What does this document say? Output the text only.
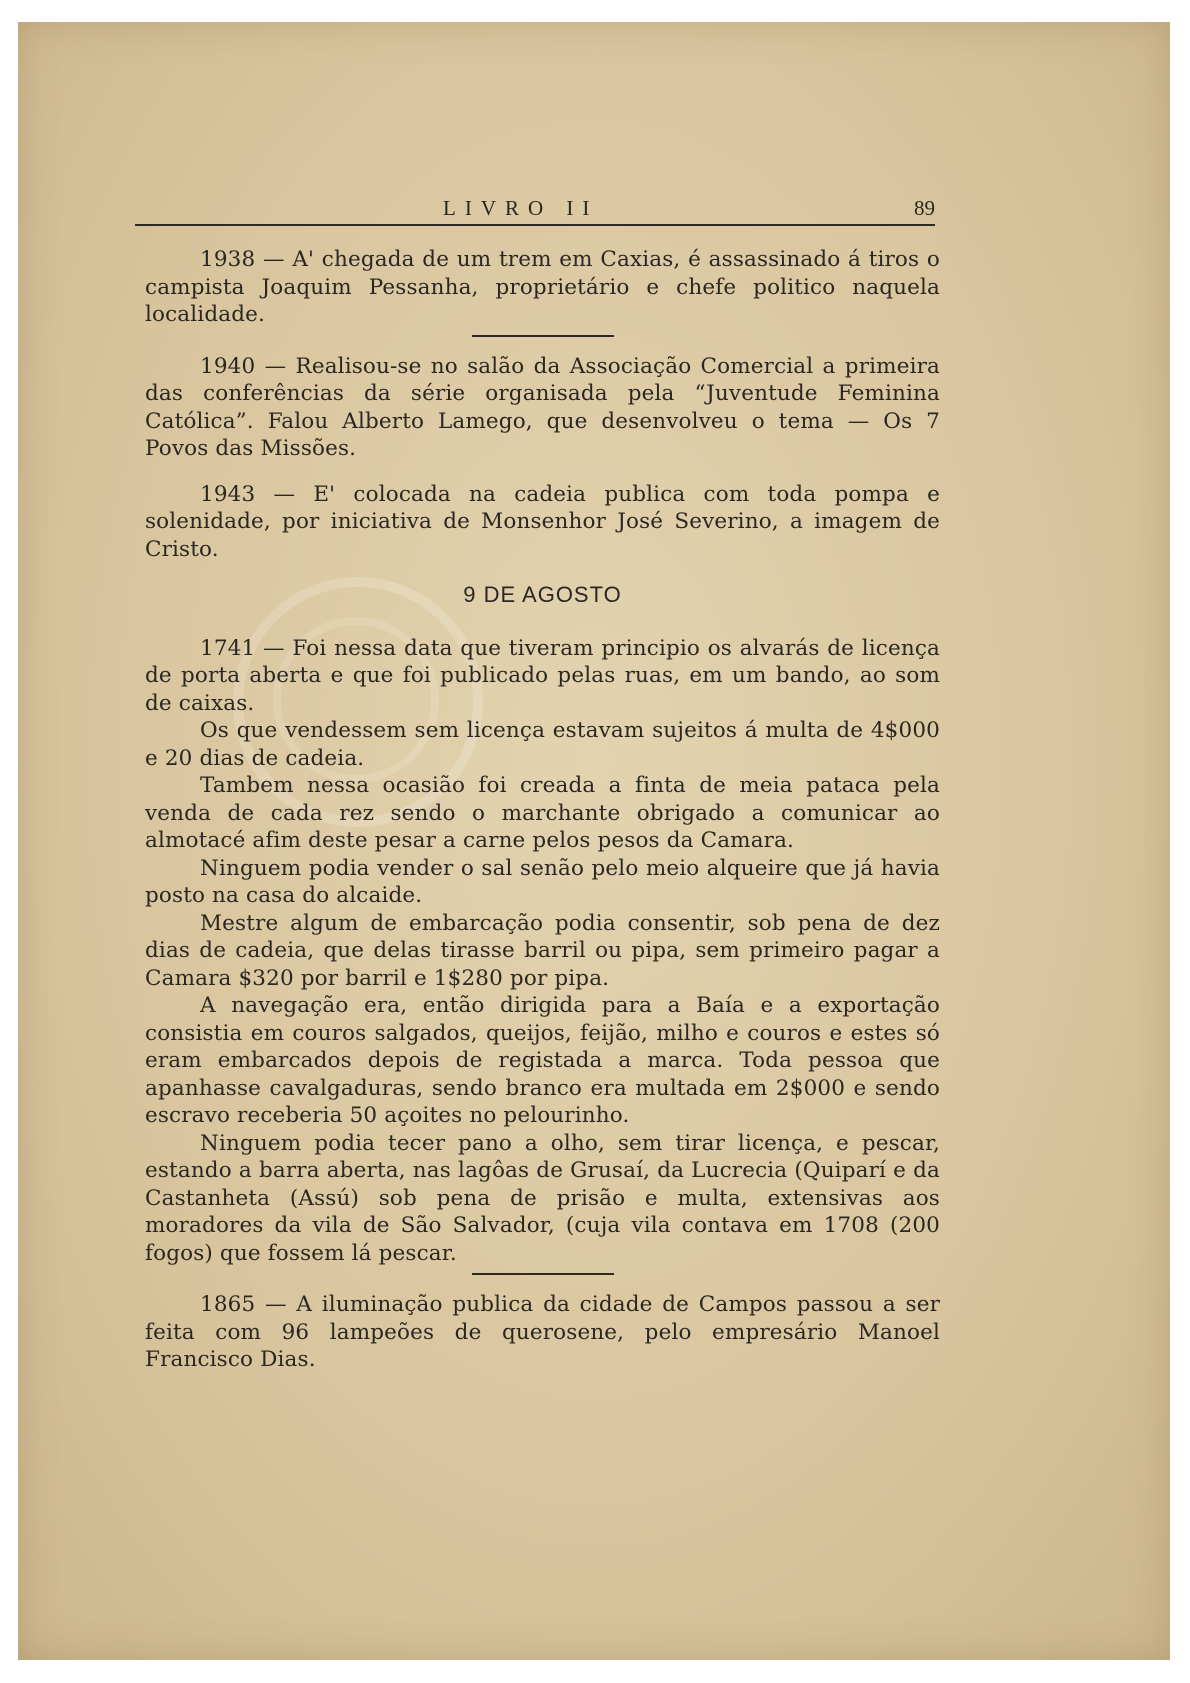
LIVRO II	89

1938 — A' chegada de um trem em Caxias, é assassinado á tiros o campista Joaquim Pessanha, proprietário e chefe politico naquela localidade.

1940 — Realisou-se no salão da Associação Comercial a primeira das conferências da série organisada pela “Juventude Feminina Católica”. Falou Alberto Lamego, que desenvolveu o tema — Os 7 Povos das Missões.

1943 — E' colocada na cadeia publica com toda pompa e solenidade, por iniciativa de Monsenhor José Severino, a imagem de Cristo.

9 DE AGOSTO

1741 — Foi nessa data que tiveram principio os alvarás de licença de porta aberta e que foi publicado pelas ruas, em um bando, ao som de caixas.

Os que vendessem sem licença estavam sujeitos á multa de 4$000 e 20 dias de cadeia.

Tambem nessa ocasião foi creada a finta de meia pataca pela venda de cada rez sendo o marchante obrigado a comunicar ao almotacé afim deste pesar a carne pelos pesos da Camara.

Ninguem podia vender o sal senão pelo meio alqueire que já havia posto na casa do alcaide.

Mestre algum de embarcação podia consentir, sob pena de dez dias de cadeia, que delas tirasse barril ou pipa, sem primeiro pagar a Camara $320 por barril e 1$280 por pipa.

A navegação era, então dirigida para a Baía e a exportação consistia em couros salgados, queijos, feijão, milho e couros e estes só eram embarcados depois de registada a marca. Toda pessoa que apanhasse cavalgaduras, sendo branco era multada em 2$000 e sendo escravo receberia 50 açoites no pelourinho.

Ninguem podia tecer pano a olho, sem tirar licença, e pescar, estando a barra aberta, nas lagôas de Grusaí, da Lucrecia (Quiparí e da Castanheta (Assú) sob pena de prisão e multa, extensivas aos moradores da vila de São Salvador, (cuja vila contava em 1708 (200 fogos) que fossem lá pescar.

1865 — A iluminação publica da cidade de Campos passou a ser feita com 96 lampeões de querosene, pelo empresário Manoel Francisco Dias.
